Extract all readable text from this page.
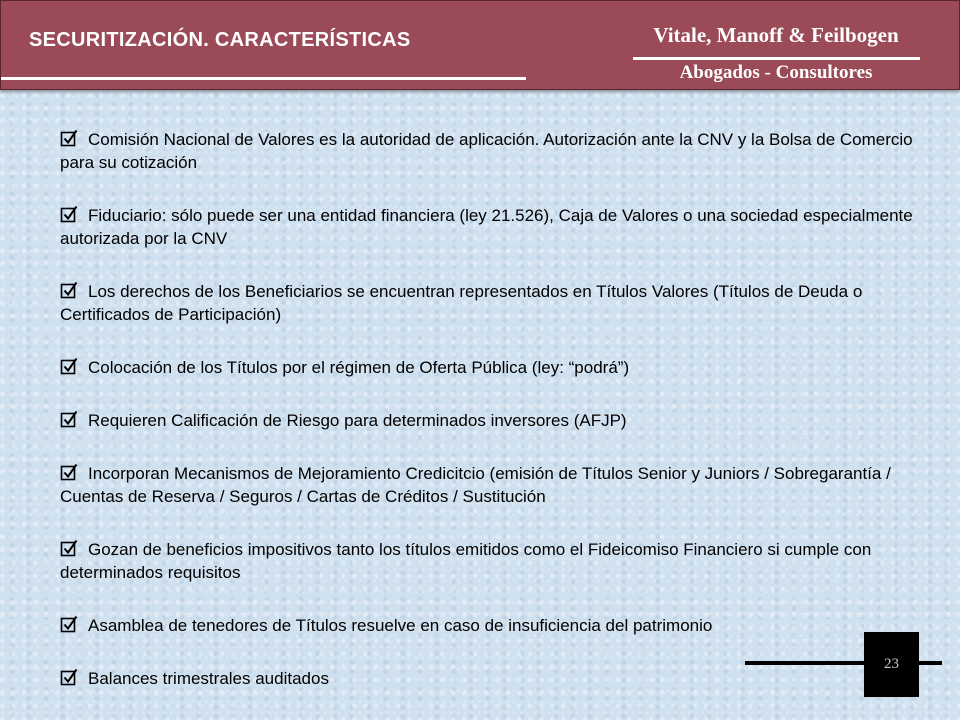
SECURITIZACIÓN. CARACTERÍSTICAS	Vitale, Manoff & Feilbogen
Abogados - Consultores
Comisión Nacional de Valores es la autoridad de aplicación. Autorización ante la CNV y la Bolsa de Comercio para su cotización
Fiduciario: sólo puede ser una entidad financiera (ley 21.526), Caja de Valores o una sociedad especialmente autorizada por la CNV
Los derechos de los Beneficiarios se encuentran representados en Títulos Valores (Títulos de Deuda o Certificados de Participación)
Colocación de los Títulos por el régimen de Oferta Pública (ley: “podrá”)
Requieren Calificación de Riesgo para determinados inversores (AFJP)
Incorporan Mecanismos de Mejoramiento Credicitcio (emisión de Títulos Senior y Juniors / Sobregarantía / Cuentas de Reserva / Seguros / Cartas de Créditos / Sustitución
Gozan de beneficios impositivos tanto los títulos emitidos como el Fideicomiso Financiero si cumple con determinados requisitos
Asamblea de tenedores de Títulos resuelve en caso de insuficiencia del patrimonio
Balances trimestrales auditados
23
